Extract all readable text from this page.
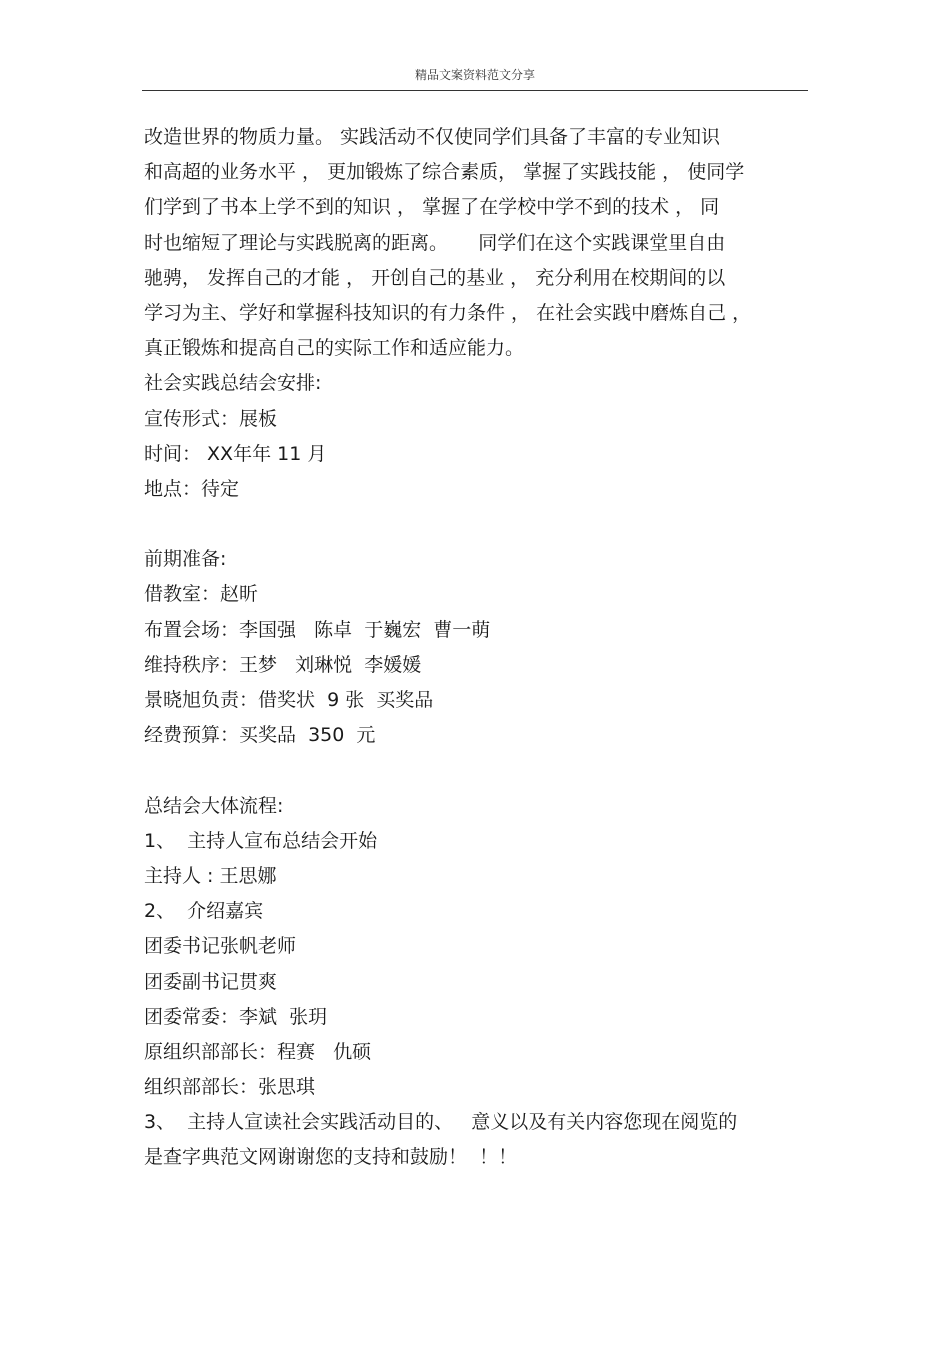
精品文案资料范文分享
改造世界的物质力量。 实践活动不仅使同学们具备了丰富的专业知识
和高超的业务水平 ， 更加锻炼了综合素质， 掌握了实践技能 ， 使同学
们学到了书本上学不到的知识 ， 掌握了在学校中学不到的技术 ， 同
时也缩短了理论与实践脱离的距离。     同学们在这个实践课堂里自由
驰骋， 发挥自己的才能 ， 开创自己的基业 ， 充分利用在校期间的以
学习为主、学好和掌握科技知识的有力条件 ， 在社会实践中磨炼自己 ，
真正锻炼和提高自己的实际工作和适应能力。
社会实践总结会安排:
宣传形式：展板
时间： XX年年 11 月
地点：待定
前期准备:
借教室：赵昕
布置会场：李国强   陈卓  于巍宏  曹一萌
维持秩序：王梦   刘琳悦  李媛媛
景晓旭负责：借奖状  9 张  买奖品
经费预算：买奖品  350  元
总结会大体流程:
1、  主持人宣布总结会开始
主持人 : 王思娜
2、  介绍嘉宾
团委书记张帆老师
团委副书记贯爽
团委常委：李斌  张玥
原组织部部长：程赛   仇硕
组织部部长：张思琪
3、  主持人宣读社会实践活动目的、   意义以及有关内容您现在阅览的
是查字典范文网谢谢您的支持和鼓励！  ！！
